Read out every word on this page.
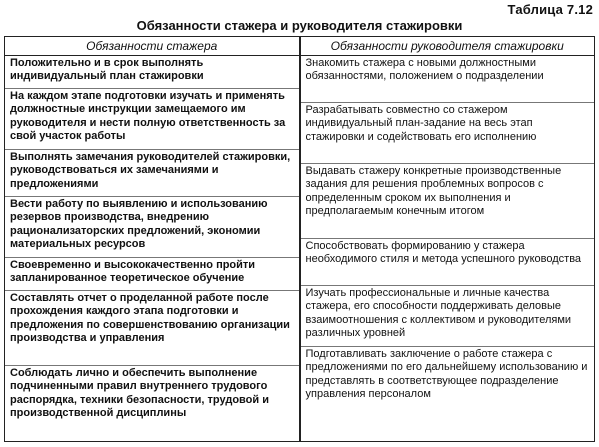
Таблица 7.12
Обязанности стажера и руководителя стажировки
Обязанности стажера
Положительно и в срок выполнять индивидуальный план стажировки
На каждом этапе подготовки изучать и применять должностные инструкции замещаемого им руководителя и нести полную ответственность за свой участок работы
Выполнять замечания руководителей стажировки, руководствоваться их замечаниями и предложениями
Вести работу по выявлению и использованию резервов производства, внедрению рационализаторских предложений, экономии материальных ресурсов
Своевременно и высококачественно пройти запланированное теоретическое обучение
Составлять отчет о проделанной работе после прохождения каждого этапа подготовки и предложения по совершенствованию организации производства и управления
Соблюдать лично и обеспечить выполнение подчиненными правил внутреннего трудового распорядка, техники безопасности, трудовой и производственной дисциплины
Обязанности руководителя стажировки
Знакомить стажера с новыми должностными обязанностями, положением о подразделении
Разрабатывать совместно со стажером индивидуальный план-задание на весь этап стажировки и содействовать его исполнению
Выдавать стажеру конкретные производственные задания для решения проблемных вопросов с определенным сроком их выполнения и предполагаемым конечным итогом
Способствовать формированию у стажера необходимого стиля и метода успешного руководства
Изучать профессиональные и личные качества стажера, его способности поддерживать деловые взаимоотношения с коллективом и руководителями различных уровней
Подготавливать заключение о работе стажера с предложениями по его дальнейшему использованию и представлять в соответствующее подразделение управления персоналом
